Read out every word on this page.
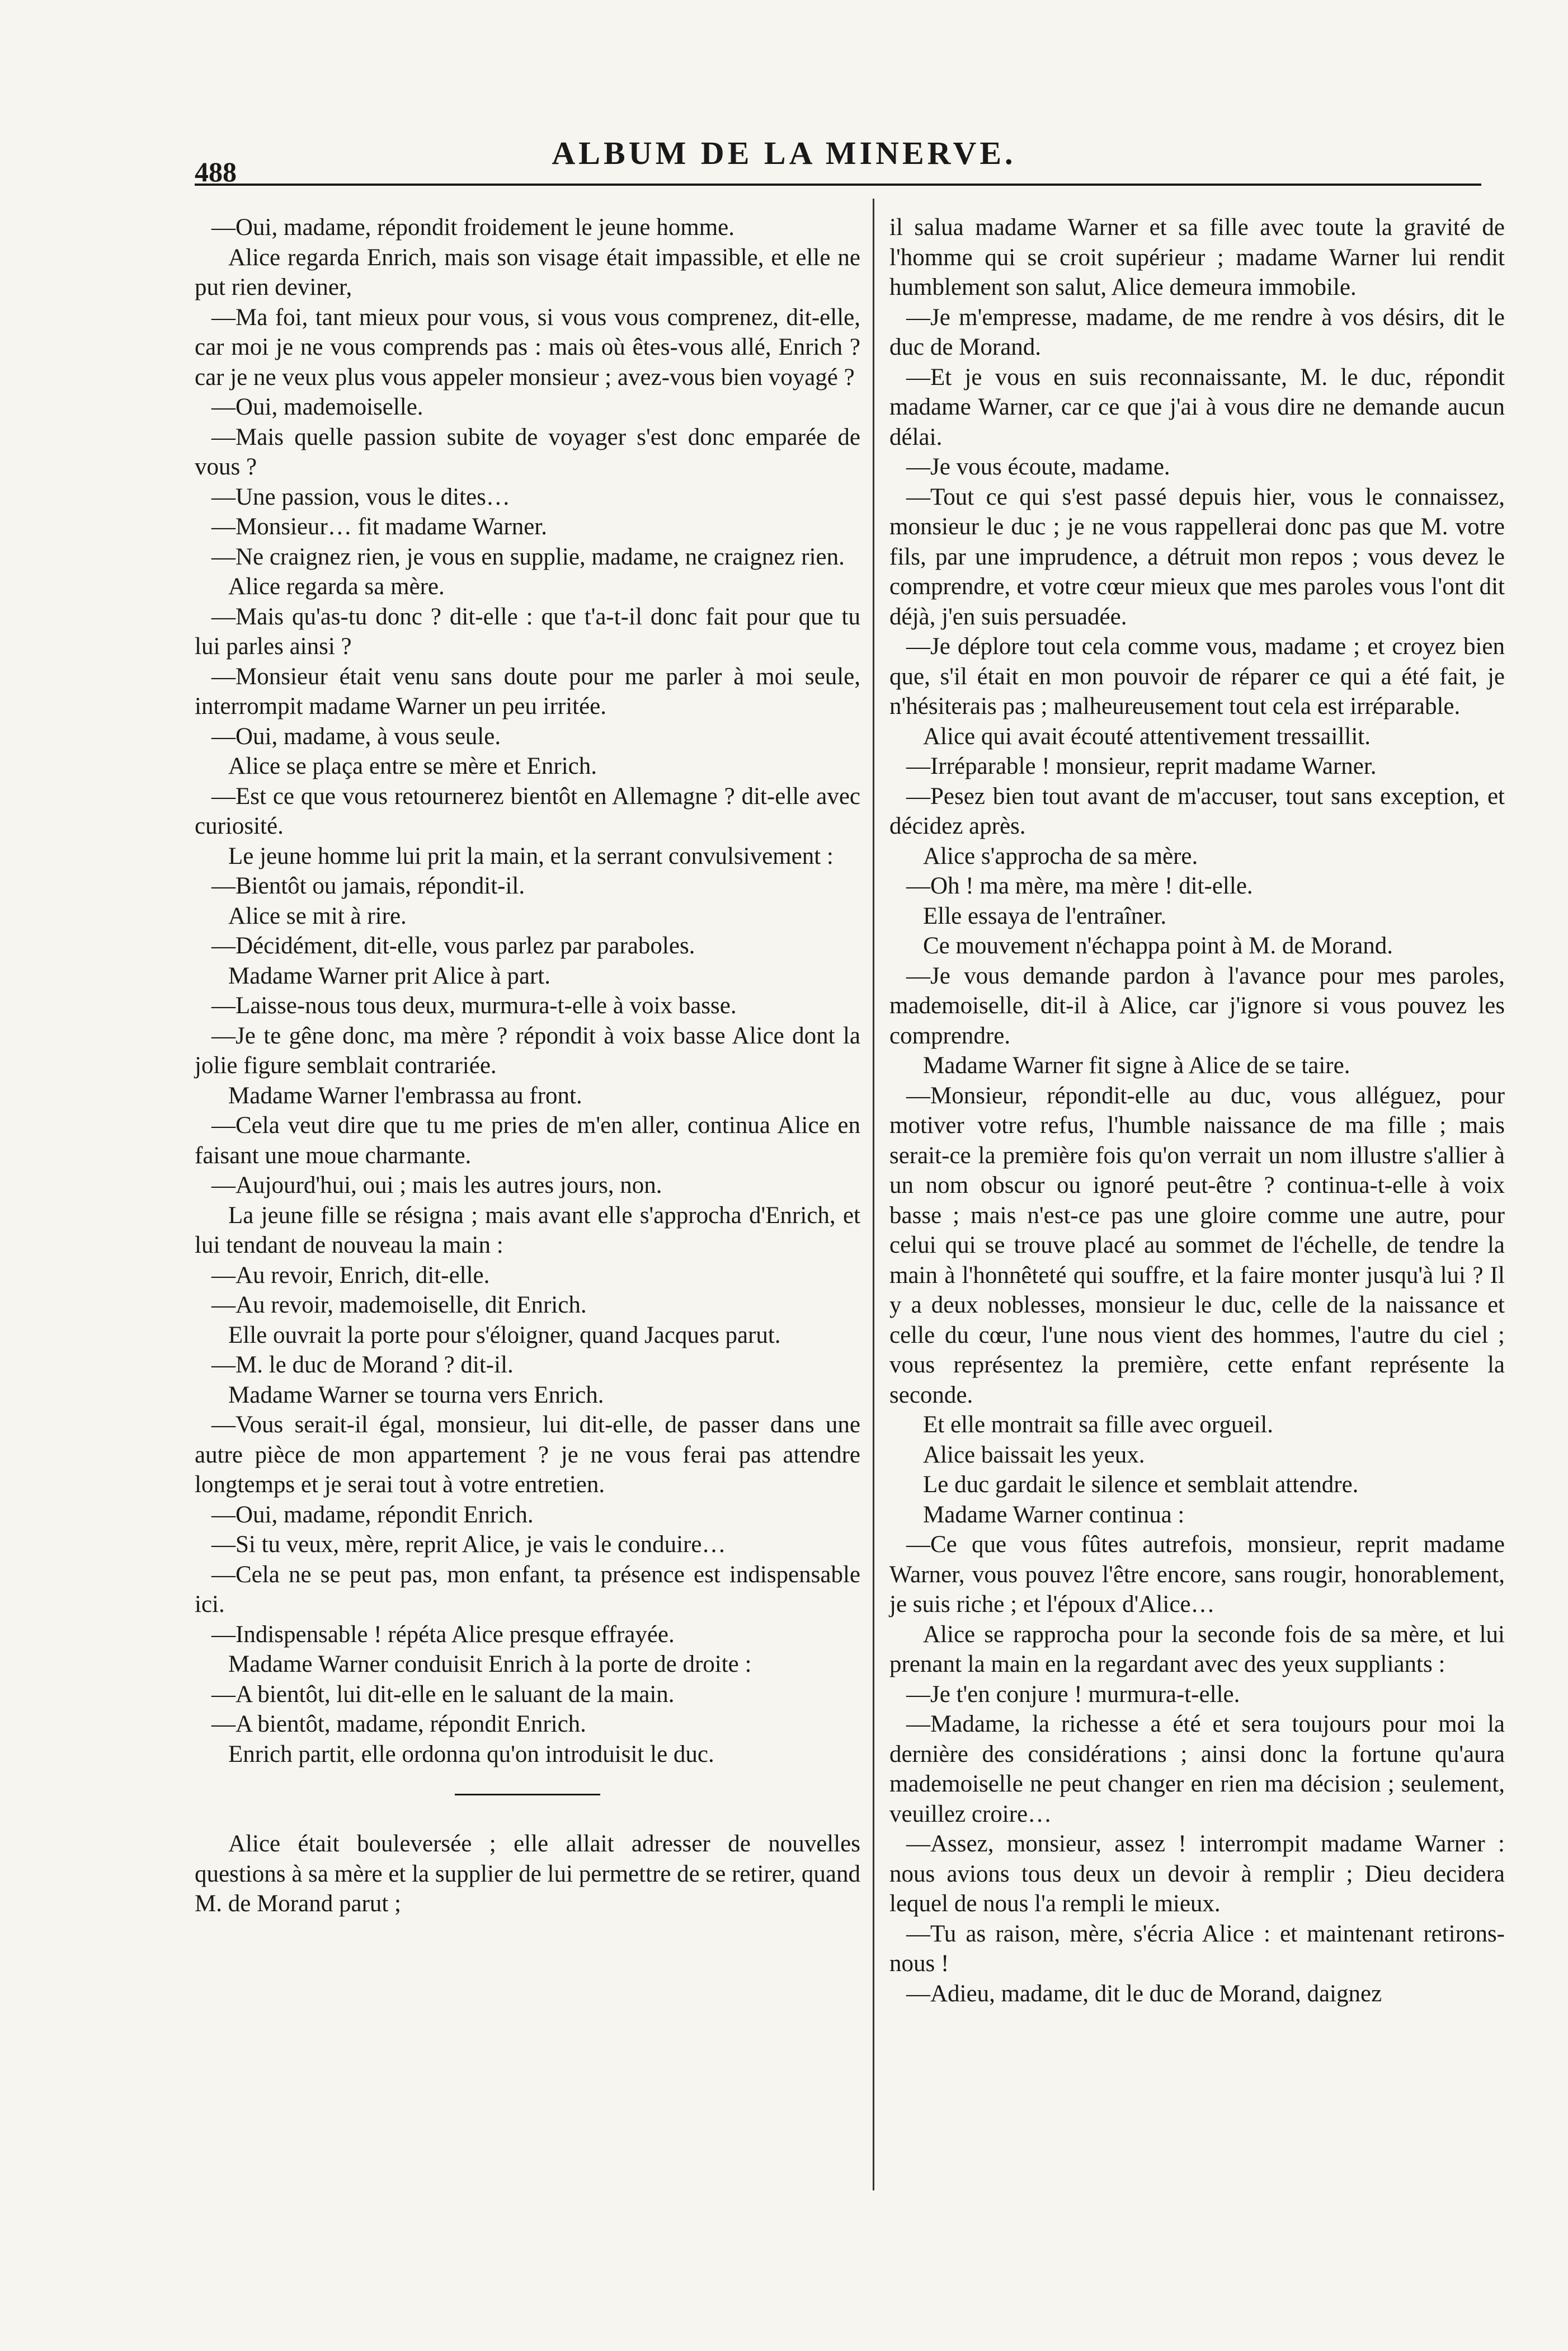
488
ALBUM DE LA MINERVE.

—Oui, madame, répondit froidement le jeune homme.

Alice regarda Enrich, mais son visage était impassible, et elle ne put rien deviner,

—Ma foi, tant mieux pour vous, si vous vous comprenez, dit-elle, car moi je ne vous comprends pas : mais où êtes-vous allé, Enrich ? car je ne veux plus vous appeler monsieur ; avez-vous bien voyagé ?

—Oui, mademoiselle.

—Mais quelle passion subite de voyager s'est donc emparée de vous ?

—Une passion, vous le dites…

—Monsieur… fit madame Warner.

—Ne craignez rien, je vous en supplie, madame, ne craignez rien.

Alice regarda sa mère.

—Mais qu'as-tu donc ? dit-elle : que t'a-t-il donc fait pour que tu lui parles ainsi ?

—Monsieur était venu sans doute pour me parler à moi seule, interrompit madame Warner un peu irritée.

—Oui, madame, à vous seule.

Alice se plaça entre se mère et Enrich.

—Est ce que vous retournerez bientôt en Allemagne ? dit-elle avec curiosité.

Le jeune homme lui prit la main, et la serrant convulsivement :

—Bientôt ou jamais, répondit-il.

Alice se mit à rire.

—Décidément, dit-elle, vous parlez par paraboles.

Madame Warner prit Alice à part.

—Laisse-nous tous deux, murmura-t-elle à voix basse.

—Je te gêne donc, ma mère ? répondit à voix basse Alice dont la jolie figure semblait contrariée.

Madame Warner l'embrassa au front.

—Cela veut dire que tu me pries de m'en aller, continua Alice en faisant une moue charmante.

—Aujourd'hui, oui ; mais les autres jours, non.

La jeune fille se résigna ; mais avant elle s'approcha d'Enrich, et lui tendant de nouveau la main :

—Au revoir, Enrich, dit-elle.

—Au revoir, mademoiselle, dit Enrich.

Elle ouvrait la porte pour s'éloigner, quand Jacques parut.

—M. le duc de Morand ? dit-il.

Madame Warner se tourna vers Enrich.

—Vous serait-il égal, monsieur, lui dit-elle, de passer dans une autre pièce de mon appartement ? je ne vous ferai pas attendre longtemps et je serai tout à votre entretien.

—Oui, madame, répondit Enrich.

—Si tu veux, mère, reprit Alice, je vais le conduire…

—Cela ne se peut pas, mon enfant, ta présence est indispensable ici.

—Indispensable ! répéta Alice presque effrayée.

Madame Warner conduisit Enrich à la porte de droite :

—A bientôt, lui dit-elle en le saluant de la main.

—A bientôt, madame, répondit Enrich.

Enrich partit, elle ordonna qu'on introduisit le duc.

Alice était bouleversée ; elle allait adresser de nouvelles questions à sa mère et la supplier de lui permettre de se retirer, quand M. de Morand parut ;

il salua madame Warner et sa fille avec toute la gravité de l'homme qui se croit supérieur ; madame Warner lui rendit humblement son salut, Alice demeura immobile.

—Je m'empresse, madame, de me rendre à vos désirs, dit le duc de Morand.

—Et je vous en suis reconnaissante, M. le duc, répondit madame Warner, car ce que j'ai à vous dire ne demande aucun délai.

—Je vous écoute, madame.

—Tout ce qui s'est passé depuis hier, vous le connaissez, monsieur le duc ; je ne vous rappellerai donc pas que M. votre fils, par une imprudence, a détruit mon repos ; vous devez le comprendre, et votre cœur mieux que mes paroles vous l'ont dit déjà, j'en suis persuadée.

—Je déplore tout cela comme vous, madame ; et croyez bien que, s'il était en mon pouvoir de réparer ce qui a été fait, je n'hésiterais pas ; malheureusement tout cela est irréparable.

Alice qui avait écouté attentivement tressaillit.

—Irréparable ! monsieur, reprit madame Warner.

—Pesez bien tout avant de m'accuser, tout sans exception, et décidez après.

Alice s'approcha de sa mère.

—Oh ! ma mère, ma mère ! dit-elle.

Elle essaya de l'entraîner.

Ce mouvement n'échappa point à M. de Morand.

—Je vous demande pardon à l'avance pour mes paroles, mademoiselle, dit-il à Alice, car j'ignore si vous pouvez les comprendre.

Madame Warner fit signe à Alice de se taire.

—Monsieur, répondit-elle au duc, vous alléguez, pour motiver votre refus, l'humble naissance de ma fille ; mais serait-ce la première fois qu'on verrait un nom illustre s'allier à un nom obscur ou ignoré peut-être ? continua-t-elle à voix basse ; mais n'est-ce pas une gloire comme une autre, pour celui qui se trouve placé au sommet de l'échelle, de tendre la main à l'honnêteté qui souffre, et la faire monter jusqu'à lui ? Il y a deux noblesses, monsieur le duc, celle de la naissance et celle du cœur, l'une nous vient des hommes, l'autre du ciel ; vous représentez la première, cette enfant représente la seconde.

Et elle montrait sa fille avec orgueil.

Alice baissait les yeux.

Le duc gardait le silence et semblait attendre.

Madame Warner continua :

—Ce que vous fûtes autrefois, monsieur, reprit madame Warner, vous pouvez l'être encore, sans rougir, honorablement, je suis riche ; et l'époux d'Alice…

Alice se rapprocha pour la seconde fois de sa mère, et lui prenant la main en la regardant avec des yeux suppliants :

—Je t'en conjure ! murmura-t-elle.

—Madame, la richesse a été et sera toujours pour moi la dernière des considérations ; ainsi donc la fortune qu'aura mademoiselle ne peut changer en rien ma décision ; seulement, veuillez croire…

—Assez, monsieur, assez ! interrompit madame Warner : nous avions tous deux un devoir à remplir ; Dieu decidera lequel de nous l'a rempli le mieux.

—Tu as raison, mère, s'écria Alice : et maintenant retirons-nous !

—Adieu, madame, dit le duc de Morand, daignez
